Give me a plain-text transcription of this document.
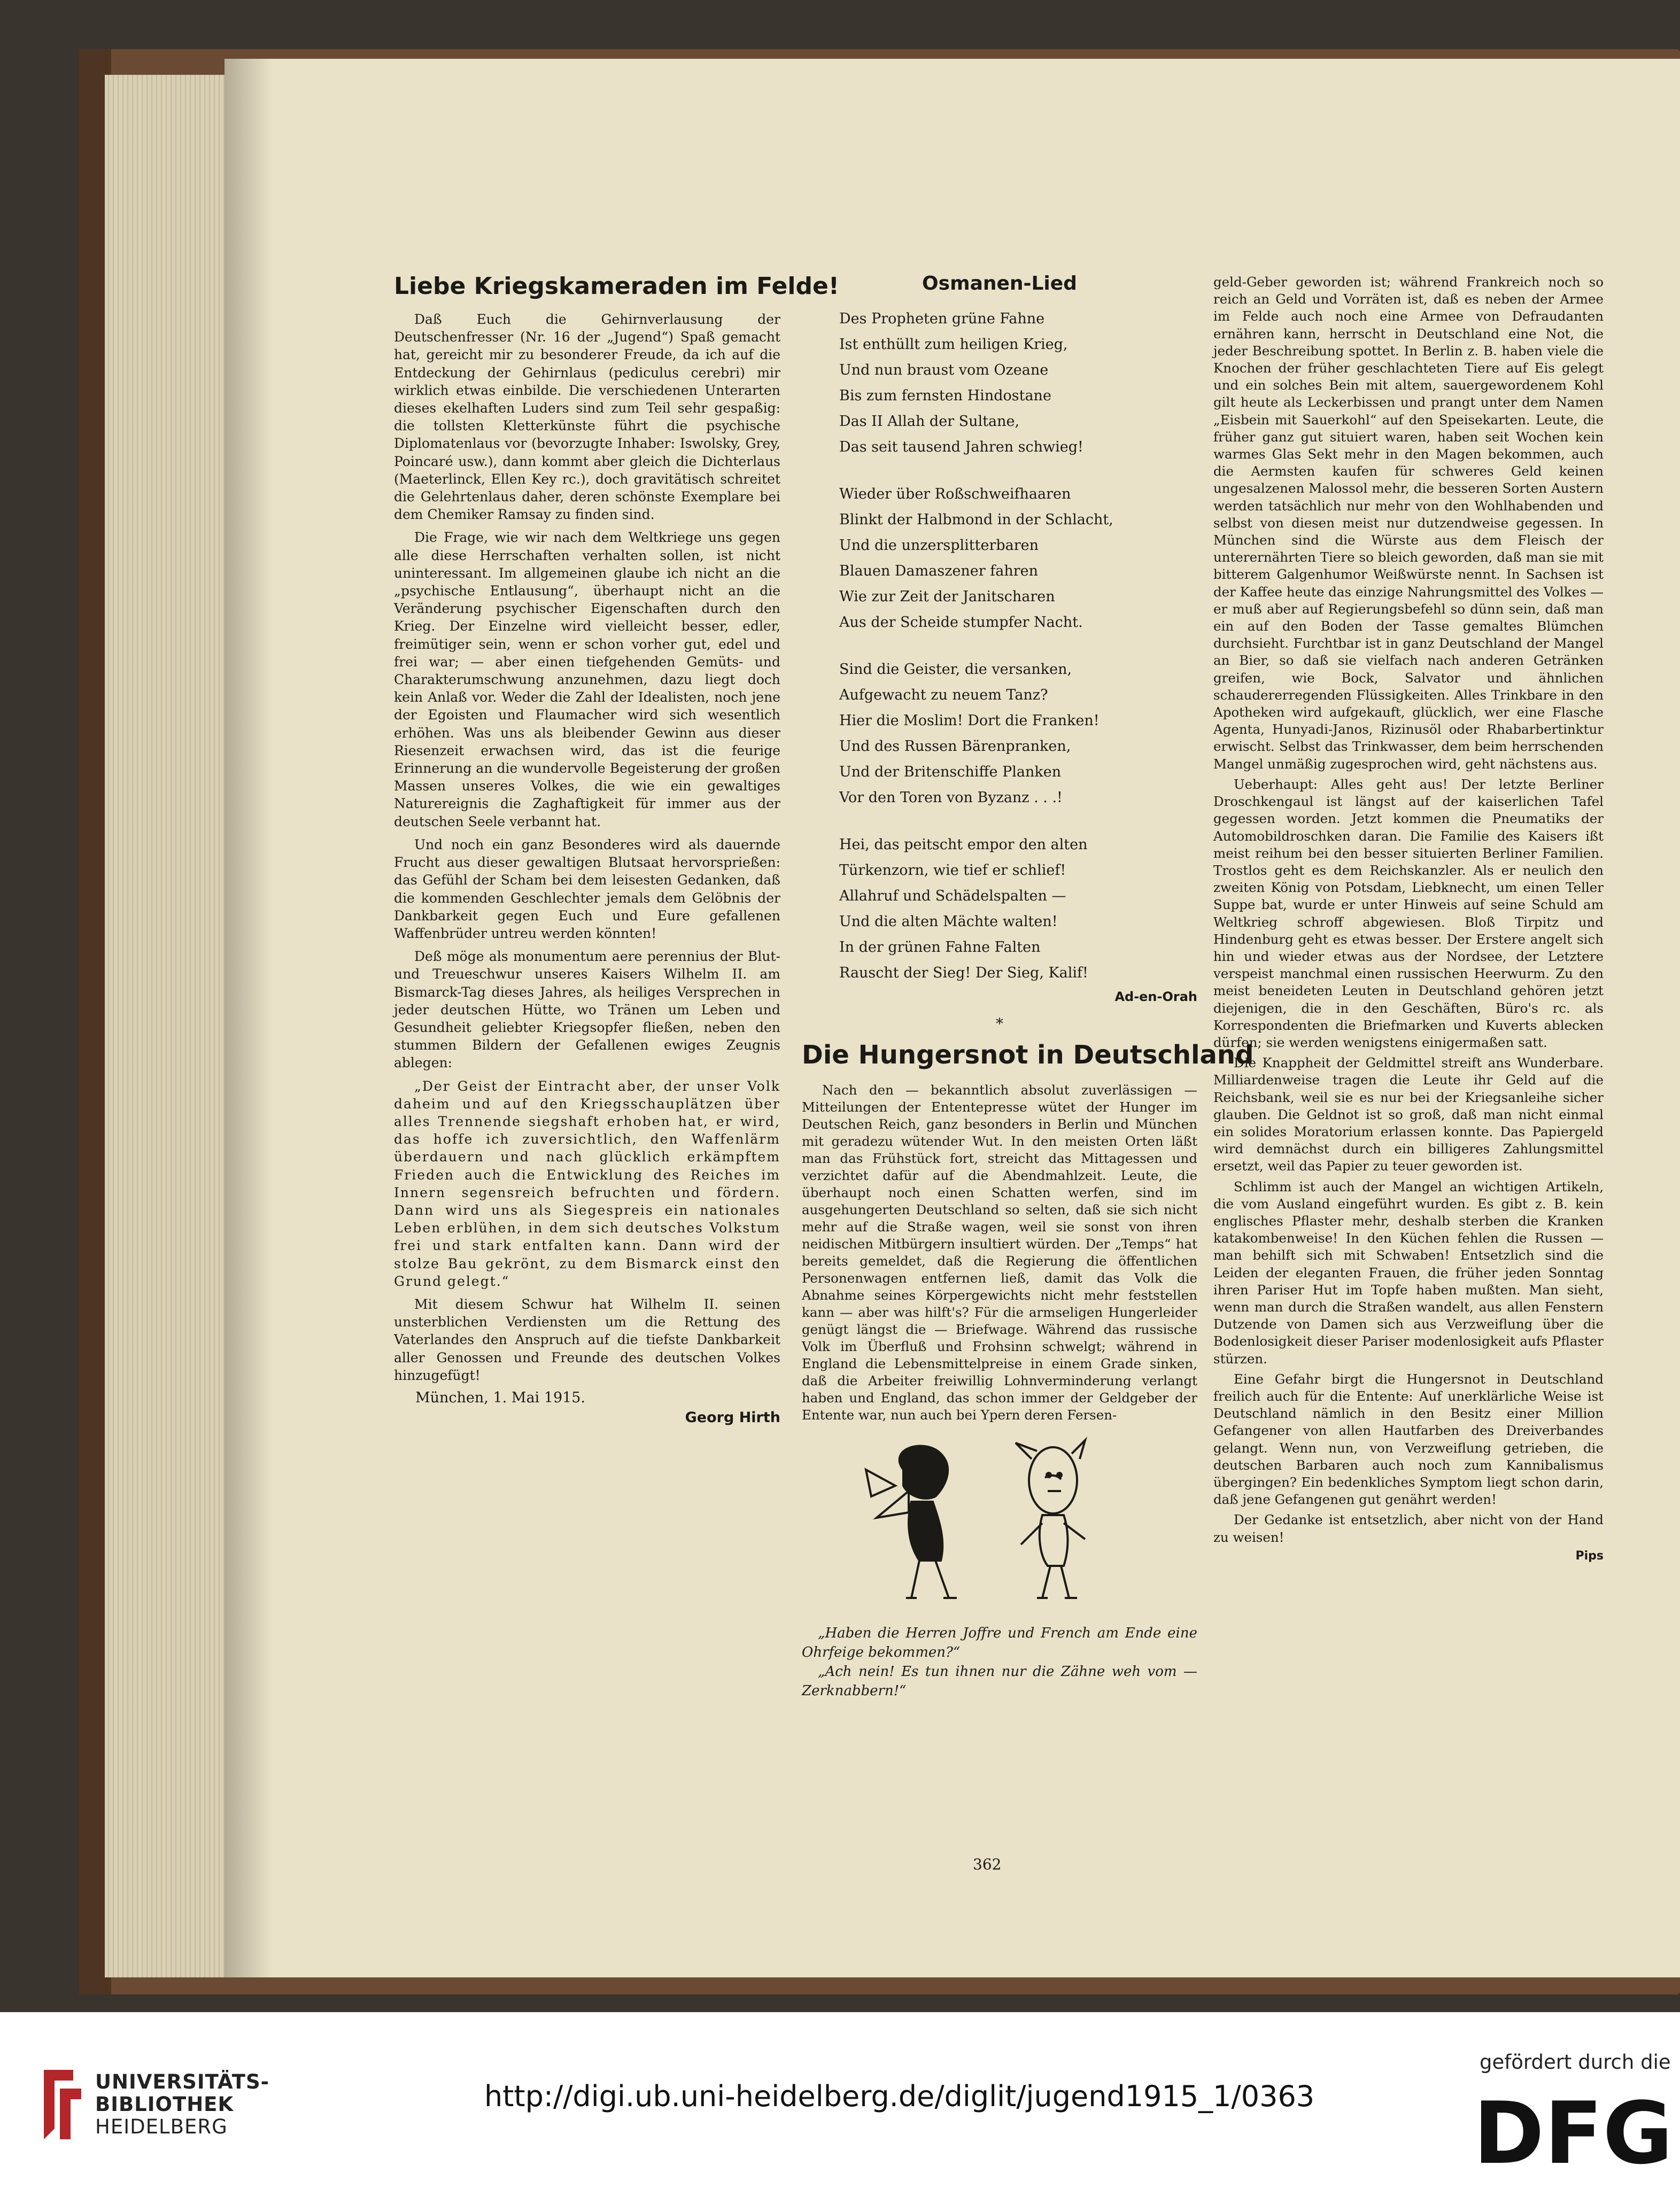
Liebe Kriegskameraden im Felde!

Daß Euch die Gehirnverlausung der Deutschenfresser (Nr. 16 der „Jugend“) Spaß gemacht hat, gereicht mir zu besonderer Freude, da ich auf die Entdeckung der Gehirnlaus (pediculus cerebri) mir wirklich etwas einbilde. Die verschiedenen Unterarten dieses ekelhaften Luders sind zum Teil sehr gespaßig: die tollsten Kletterkünste führt die psychische Diplomatenlaus vor (bevorzugte Inhaber: Iswolsky, Grey, Poincaré usw.), dann kommt aber gleich die Dichterlaus (Maeterlinck, Ellen Key rc.), doch gravitätisch schreitet die Gelehrtenlaus daher, deren schönste Exemplare bei dem Chemiker Ramsay zu finden sind.

Die Frage, wie wir nach dem Weltkriege uns gegen alle diese Herrschaften verhalten sollen, ist nicht uninteressant. Im allgemeinen glaube ich nicht an die „psychische Entlausung“, überhaupt nicht an die Veränderung psychischer Eigenschaften durch den Krieg. Der Einzelne wird vielleicht besser, edler, freimütiger sein, wenn er schon vorher gut, edel und frei war; — aber einen tiefgehenden Gemüts- und Charakterumschwung anzunehmen, dazu liegt doch kein Anlaß vor. Weder die Zahl der Idealisten, noch jene der Egoisten und Flaumacher wird sich wesentlich erhöhen. Was uns als bleibender Gewinn aus dieser Riesenzeit erwachsen wird, das ist die feurige Erinnerung an die wundervolle Begeisterung der großen Massen unseres Volkes, die wie ein gewaltiges Naturereignis die Zaghaftigkeit für immer aus der deutschen Seele verbannt hat.

Und noch ein ganz Besonderes wird als dauernde Frucht aus dieser gewaltigen Blutsaat hervorsprießen: das Gefühl der Scham bei dem leisesten Gedanken, daß die kommenden Geschlechter jemals dem Gelöbnis der Dankbarkeit gegen Euch und Eure gefallenen Waffenbrüder untreu werden könnten!

Deß möge als monumentum aere perennius der Blut- und Treueschwur unseres Kaisers Wilhelm II. am Bismarck-Tag dieses Jahres, als heiliges Versprechen in jeder deutschen Hütte, wo Tränen um Leben und Gesundheit geliebter Kriegsopfer fließen, neben den stummen Bildern der Gefallenen ewiges Zeugnis ablegen:

„Der Geist der Eintracht aber, der unser Volk daheim und auf den Kriegsschauplätzen über alles Trennende siegshaft erhoben hat, er wird, das hoffe ich zuversichtlich, den Waffenlärm überdauern und nach glücklich erkämpftem Frieden auch die Entwicklung des Reiches im Innern segensreich befruchten und fördern. Dann wird uns als Siegespreis ein nationales Leben erblühen, in dem sich deutsches Volkstum frei und stark entfalten kann. Dann wird der stolze Bau gekrönt, zu dem Bismarck einst den Grund gelegt.“

Mit diesem Schwur hat Wilhelm II. seinen unsterblichen Verdiensten um die Rettung des Vaterlandes den Anspruch auf die tiefste Dankbarkeit aller Genossen und Freunde des deutschen Volkes hinzugefügt!

München, 1. Mai 1915.

Georg Hirth

Osmanen-Lied

Des Propheten grüne Fahne

Ist enthüllt zum heiligen Krieg,

Und nun braust vom Ozeane

Bis zum fernsten Hindostane

Das II Allah der Sultane,

Das seit tausend Jahren schwieg!

Wieder über Roßschweifhaaren

Blinkt der Halbmond in der Schlacht,

Und die unzersplitterbaren

Blauen Damaszener fahren

Wie zur Zeit der Janitscharen

Aus der Scheide stumpfer Nacht.

Sind die Geister, die versanken,

Aufgewacht zu neuem Tanz?

Hier die Moslim! Dort die Franken!

Und des Russen Bärenpranken,

Und der Britenschiffe Planken

Vor den Toren von Byzanz . . .!

Hei, das peitscht empor den alten

Türkenzorn, wie tief er schlief!

Allahruf und Schädelspalten —

Und die alten Mächte walten!

In der grünen Fahne Falten

Rauscht der Sieg! Der Sieg, Kalif!

Ad-en-Orah

*
Die Hungersnot in Deutschland

Nach den — bekanntlich absolut zuverlässigen — Mitteilungen der Ententepresse wütet der Hunger im Deutschen Reich, ganz besonders in Berlin und München mit geradezu wütender Wut. In den meisten Orten läßt man das Frühstück fort, streicht das Mittagessen und verzichtet dafür auf die Abendmahlzeit. Leute, die überhaupt noch einen Schatten werfen, sind im ausgehungerten Deutschland so selten, daß sie sich nicht mehr auf die Straße wagen, weil sie sonst von ihren neidischen Mitbürgern insultiert würden. Der „Temps“ hat bereits gemeldet, daß die Regierung die öffentlichen Personenwagen entfernen ließ, damit das Volk die Abnahme seines Körpergewichts nicht mehr feststellen kann — aber was hilft's? Für die armseligen Hungerleider genügt längst die — Briefwage. Während das russische Volk im Überfluß und Frohsinn schwelgt; während in England die Lebensmittelpreise in einem Grade sinken, daß die Arbeiter freiwillig Lohnverminderung verlangt haben und England, das schon immer der Geldgeber der Entente war, nun auch bei Ypern deren Fersen-

„Haben die Herren Joffre und French am Ende eine Ohrfeige bekommen?“

„Ach nein! Es tun ihnen nur die Zähne weh vom — Zerknabbern!“

geld-Geber geworden ist; während Frankreich noch so reich an Geld und Vorräten ist, daß es neben der Armee im Felde auch noch eine Armee von Defraudanten ernähren kann, herrscht in Deutschland eine Not, die jeder Beschreibung spottet. In Berlin z. B. haben viele die Knochen der früher geschlachteten Tiere auf Eis gelegt und ein solches Bein mit altem, sauergewordenem Kohl gilt heute als Leckerbissen und prangt unter dem Namen „Eisbein mit Sauerkohl“ auf den Speisekarten. Leute, die früher ganz gut situiert waren, haben seit Wochen kein warmes Glas Sekt mehr in den Magen bekommen, auch die Aermsten kaufen für schweres Geld keinen ungesalzenen Malossol mehr, die besseren Sorten Austern werden tatsächlich nur mehr von den Wohlhabenden und selbst von diesen meist nur dutzendweise gegessen. In München sind die Würste aus dem Fleisch der unterernährten Tiere so bleich geworden, daß man sie mit bitterem Galgenhumor Weißwürste nennt. In Sachsen ist der Kaffee heute das einzige Nahrungsmittel des Volkes — er muß aber auf Regierungsbefehl so dünn sein, daß man ein auf den Boden der Tasse gemaltes Blümchen durchsieht. Furchtbar ist in ganz Deutschland der Mangel an Bier, so daß sie vielfach nach anderen Getränken greifen, wie Bock, Salvator und ähnlichen schaudererregenden Flüssigkeiten. Alles Trinkbare in den Apotheken wird aufgekauft, glücklich, wer eine Flasche Agenta, Hunyadi-Janos, Rizinusöl oder Rhabarbertinktur erwischt. Selbst das Trinkwasser, dem beim herrschenden Mangel unmäßig zugesprochen wird, geht nächstens aus.

Ueberhaupt: Alles geht aus! Der letzte Berliner Droschkengaul ist längst auf der kaiserlichen Tafel gegessen worden. Jetzt kommen die Pneumatiks der Automobildroschken daran. Die Familie des Kaisers ißt meist reihum bei den besser situierten Berliner Familien. Trostlos geht es dem Reichskanzler. Als er neulich den zweiten König von Potsdam, Liebknecht, um einen Teller Suppe bat, wurde er unter Hinweis auf seine Schuld am Weltkrieg schroff abgewiesen. Bloß Tirpitz und Hindenburg geht es etwas besser. Der Erstere angelt sich hin und wieder etwas aus der Nordsee, der Letztere verspeist manchmal einen russischen Heerwurm. Zu den meist beneideten Leuten in Deutschland gehören jetzt diejenigen, die in den Geschäften, Büro's rc. als Korrespondenten die Briefmarken und Kuverts ablecken dürfen; sie werden wenigstens einigermaßen satt.

Die Knappheit der Geldmittel streift ans Wunderbare. Milliardenweise tragen die Leute ihr Geld auf die Reichsbank, weil sie es nur bei der Kriegsanleihe sicher glauben. Die Geldnot ist so groß, daß man nicht einmal ein solides Moratorium erlassen konnte. Das Papiergeld wird demnächst durch ein billigeres Zahlungsmittel ersetzt, weil das Papier zu teuer geworden ist.

Schlimm ist auch der Mangel an wichtigen Artikeln, die vom Ausland eingeführt wurden. Es gibt z. B. kein englisches Pflaster mehr, deshalb sterben die Kranken katakombenweise! In den Küchen fehlen die Russen — man behilft sich mit Schwaben! Entsetzlich sind die Leiden der eleganten Frauen, die früher jeden Sonntag ihren Pariser Hut im Topfe haben mußten. Man sieht, wenn man durch die Straßen wandelt, aus allen Fenstern Dutzende von Damen sich aus Verzweiflung über die Bodenlosigkeit dieser Pariser modenlosigkeit aufs Pflaster stürzen.

Eine Gefahr birgt die Hungersnot in Deutschland freilich auch für die Entente: Auf unerklärliche Weise ist Deutschland nämlich in den Besitz einer Million Gefangener von allen Hautfarben des Dreiverbandes gelangt. Wenn nun, von Verzweiflung getrieben, die deutschen Barbaren auch noch zum Kannibalismus übergingen? Ein bedenkliches Symptom liegt schon darin, daß jene Gefangenen gut genährt werden!

Der Gedanke ist entsetzlich, aber nicht von der Hand zu weisen!

Pips

362
UNIVERSITÄTS-
BIBLIOTHEK
HEIDELBERG
http://digi.ub.uni-heidelberg.de/diglit/jugend1915_1/0363
gefördert durch die
DFG
